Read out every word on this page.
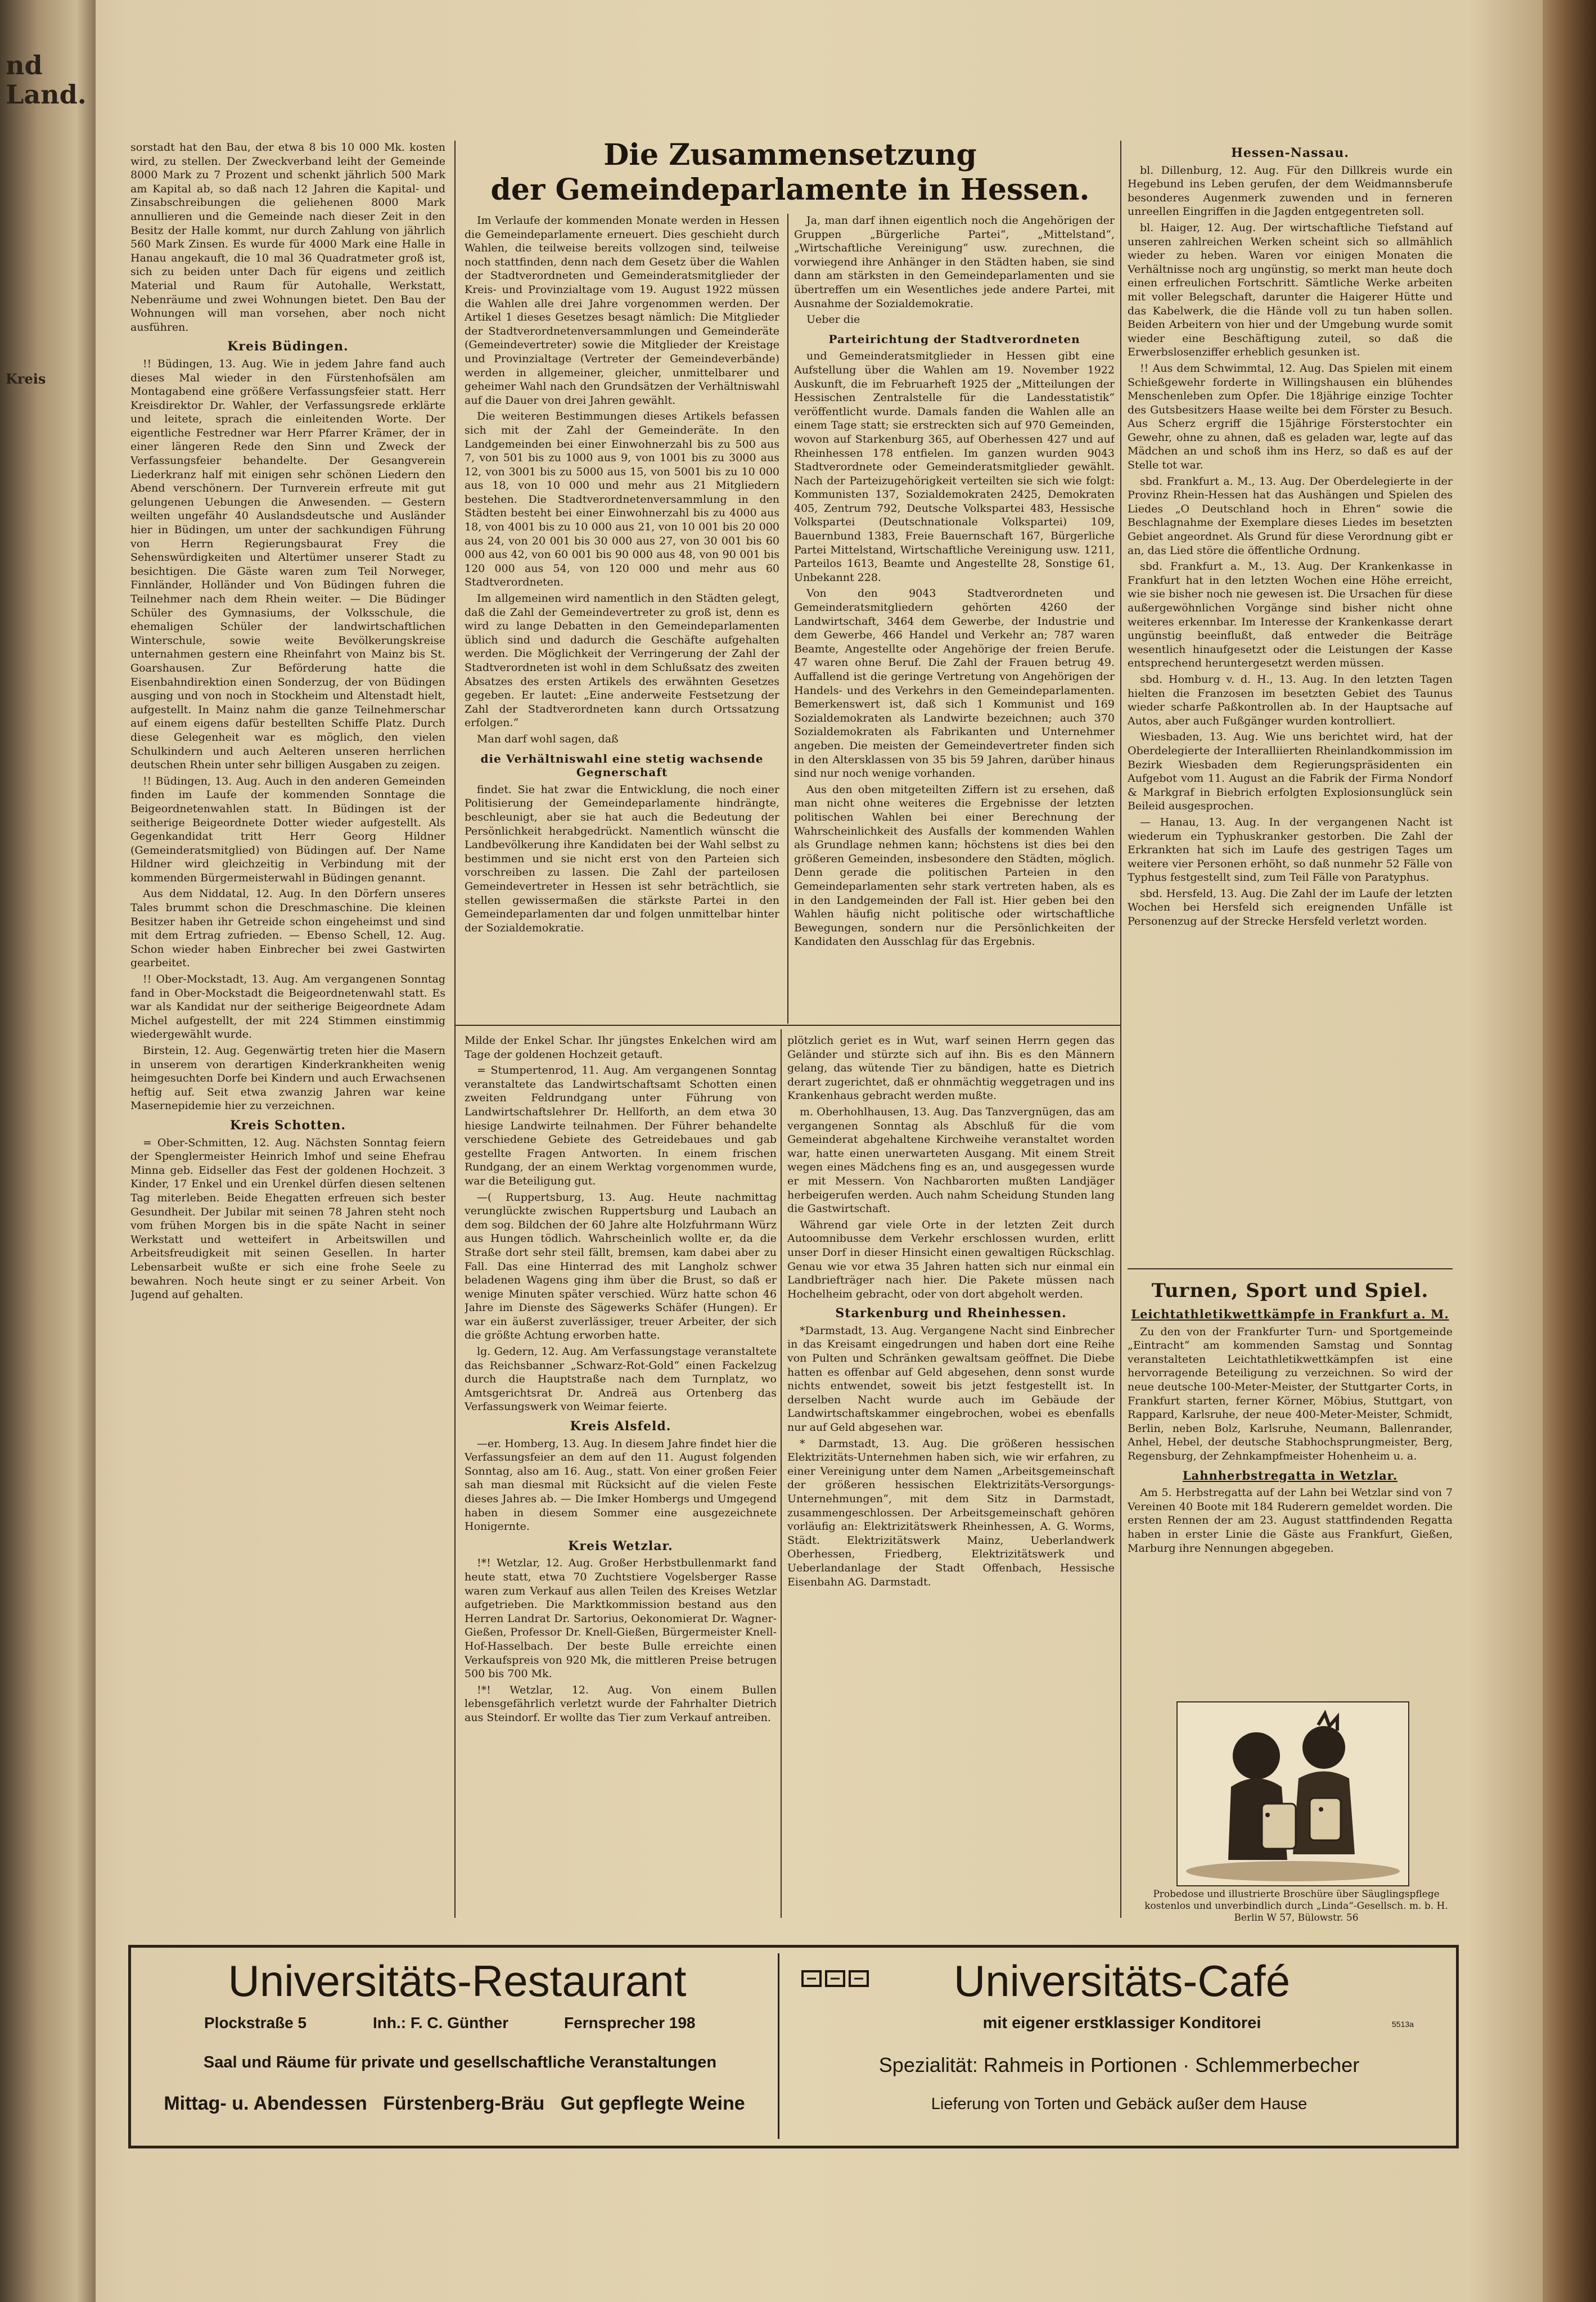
nd Land.
Kreis

sorstadt hat den Bau, der etwa 8 bis 10 000 Mk. kosten wird, zu stellen. Der Zweckverband leiht der Gemeinde 8000 Mark zu 7 Prozent und schenkt jährlich 500 Mark am Kapital ab, so daß nach 12 Jahren die Kapital- und Zinsabschreibungen die geliehenen 8000 Mark annullieren und die Gemeinde nach dieser Zeit in den Besitz der Halle kommt, nur durch Zahlung von jährlich 560 Mark Zinsen. Es wurde für 4000 Mark eine Halle in Hanau angekauft, die 10 mal 36 Quadratmeter groß ist, sich zu beiden unter Dach für eigens und zeitlich Material und Raum für Autohalle, Werkstatt, Nebenräume und zwei Wohnungen bietet. Den Bau der Wohnungen will man vorsehen, aber noch nicht ausführen.

Kreis Büdingen.

!! Büdingen, 13. Aug. Wie in jedem Jahre fand auch dieses Mal wieder in den Fürstenhofsälen am Montagabend eine größere Verfassungsfeier statt. Herr Kreisdirektor Dr. Wahler, der Verfassungsrede erklärte und leitete, sprach die einleitenden Worte. Der eigentliche Festredner war Herr Pfarrer Krämer, der in einer längeren Rede den Sinn und Zweck der Verfassungsfeier behandelte. Der Gesangverein Liederkranz half mit einigen sehr schönen Liedern den Abend verschönern. Der Turnverein erfreute mit gut gelungenen Uebungen die Anwesenden. — Gestern weilten ungefähr 40 Auslandsdeutsche und Ausländer hier in Büdingen, um unter der sachkundigen Führung von Herrn Regierungsbaurat Frey die Sehenswürdigkeiten und Altertümer unserer Stadt zu besichtigen. Die Gäste waren zum Teil Norweger, Finnländer, Holländer und Von Büdingen fuhren die Teilnehmer nach dem Rhein weiter. — Die Büdinger Schüler des Gymnasiums, der Volksschule, die ehemaligen Schüler der landwirtschaftlichen Winterschule, sowie weite Bevölkerungskreise unternahmen gestern eine Rheinfahrt von Mainz bis St. Goarshausen. Zur Beförderung hatte die Eisenbahndirektion einen Sonderzug, der von Büdingen ausging und von noch in Stockheim und Altenstadt hielt, aufgestellt. In Mainz nahm die ganze Teilnehmerschar auf einem eigens dafür bestellten Schiffe Platz. Durch diese Gelegenheit war es möglich, den vielen Schulkindern und auch Aelteren unseren herrlichen deutschen Rhein unter sehr billigen Ausgaben zu zeigen.

!! Büdingen, 13. Aug. Auch in den anderen Gemeinden finden im Laufe der kommenden Sonntage die Beigeordnetenwahlen statt. In Büdingen ist der seitherige Beigeordnete Dotter wieder aufgestellt. Als Gegenkandidat tritt Herr Georg Hildner (Gemeinderatsmitglied) von Büdingen auf. Der Name Hildner wird gleichzeitig in Verbindung mit der kommenden Bürgermeisterwahl in Büdingen genannt.

Aus dem Niddatal, 12. Aug. In den Dörfern unseres Tales brummt schon die Dreschmaschine. Die kleinen Besitzer haben ihr Getreide schon eingeheimst und sind mit dem Ertrag zufrieden. — Ebenso Schell, 12. Aug. Schon wieder haben Einbrecher bei zwei Gastwirten gearbeitet.

!! Ober-Mockstadt, 13. Aug. Am vergangenen Sonntag fand in Ober-Mockstadt die Beigeordnetenwahl statt. Es war als Kandidat nur der seitherige Beigeordnete Adam Michel aufgestellt, der mit 224 Stimmen einstimmig wiedergewählt wurde.

Birstein, 12. Aug. Gegenwärtig treten hier die Masern in unserem von derartigen Kinderkrankheiten wenig heimgesuchten Dorfe bei Kindern und auch Erwachsenen heftig auf. Seit etwa zwanzig Jahren war keine Masernepidemie hier zu verzeichnen.

Kreis Schotten.

= Ober-Schmitten, 12. Aug. Nächsten Sonntag feiern der Spenglermeister Heinrich Imhof und seine Ehefrau Minna geb. Eidseller das Fest der goldenen Hochzeit. 3 Kinder, 17 Enkel und ein Urenkel dürfen diesen seltenen Tag miterleben. Beide Ehegatten erfreuen sich bester Gesundheit. Der Jubilar mit seinen 78 Jahren steht noch vom frühen Morgen bis in die späte Nacht in seiner Werkstatt und wetteifert in Arbeitswillen und Arbeitsfreudigkeit mit seinen Gesellen. In harter Lebensarbeit wußte er sich eine frohe Seele zu bewahren. Noch heute singt er zu seiner Arbeit. Von Jugend auf gehalten.

Die Zusammensetzung
der Gemeindeparlamente in Hessen.

Im Verlaufe der kommenden Monate werden in Hessen die Gemeindeparlamente erneuert. Dies geschieht durch Wahlen, die teilweise bereits vollzogen sind, teilweise noch stattfinden, denn nach dem Gesetz über die Wahlen der Stadtverordneten und Gemeinderatsmitglieder der Kreis- und Provinzialtage vom 19. August 1922 müssen die Wahlen alle drei Jahre vorgenommen werden. Der Artikel 1 dieses Gesetzes besagt nämlich: Die Mitglieder der Stadtverordnetenversammlungen und Gemeinderäte (Gemeindevertreter) sowie die Mitglieder der Kreistage und Provinzialtage (Vertreter der Gemeindeverbände) werden in allgemeiner, gleicher, unmittelbarer und geheimer Wahl nach den Grundsätzen der Verhältniswahl auf die Dauer von drei Jahren gewählt.

Die weiteren Bestimmungen dieses Artikels befassen sich mit der Zahl der Gemeinderäte. In den Landgemeinden bei einer Einwohnerzahl bis zu 500 aus 7, von 501 bis zu 1000 aus 9, von 1001 bis zu 3000 aus 12, von 3001 bis zu 5000 aus 15, von 5001 bis zu 10 000 aus 18, von 10 000 und mehr aus 21 Mitgliedern bestehen. Die Stadtverordnetenversammlung in den Städten besteht bei einer Einwohnerzahl bis zu 4000 aus 18, von 4001 bis zu 10 000 aus 21, von 10 001 bis 20 000 aus 24, von 20 001 bis 30 000 aus 27, von 30 001 bis 60 000 aus 42, von 60 001 bis 90 000 aus 48, von 90 001 bis 120 000 aus 54, von 120 000 und mehr aus 60 Stadtverordneten.

Im allgemeinen wird namentlich in den Städten gelegt, daß die Zahl der Gemeindevertreter zu groß ist, denn es wird zu lange Debatten in den Gemeindeparlamenten üblich sind und dadurch die Geschäfte aufgehalten werden. Die Möglichkeit der Verringerung der Zahl der Stadtverordneten ist wohl in dem Schlußsatz des zweiten Absatzes des ersten Artikels des erwähnten Gesetzes gegeben. Er lautet: „Eine anderweite Festsetzung der Zahl der Stadtverordneten kann durch Ortssatzung erfolgen.“

Man darf wohl sagen, daß

die Verhältniswahl eine stetig wachsende Gegnerschaft

findet. Sie hat zwar die Entwicklung, die noch einer Politisierung der Gemeindeparlamente hindrängte, beschleunigt, aber sie hat auch die Bedeutung der Persönlichkeit herabgedrückt. Namentlich wünscht die Landbevölkerung ihre Kandidaten bei der Wahl selbst zu bestimmen und sie nicht erst von den Parteien sich vorschreiben zu lassen. Die Zahl der parteilosen Gemeindevertreter in Hessen ist sehr beträchtlich, sie stellen gewissermaßen die stärkste Partei in den Gemeindeparlamenten dar und folgen unmittelbar hinter der Sozialdemokratie.

Ja, man darf ihnen eigentlich noch die Angehörigen der Gruppen „Bürgerliche Partei“, „Mittelstand“, „Wirtschaftliche Vereinigung“ usw. zurechnen, die vorwiegend ihre Anhänger in den Städten haben, sie sind dann am stärksten in den Gemeindeparlamenten und sie übertreffen um ein Wesentliches jede andere Partei, mit Ausnahme der Sozialdemokratie.

Ueber die

Parteirichtung der Stadtverordneten

und Gemeinderatsmitglieder in Hessen gibt eine Aufstellung über die Wahlen am 19. November 1922 Auskunft, die im Februarheft 1925 der „Mitteilungen der Hessischen Zentralstelle für die Landesstatistik“ veröffentlicht wurde. Damals fanden die Wahlen alle an einem Tage statt; sie erstreckten sich auf 970 Gemeinden, wovon auf Starkenburg 365, auf Oberhessen 427 und auf Rheinhessen 178 entfielen. Im ganzen wurden 9043 Stadtverordnete oder Gemeinderatsmitglieder gewählt. Nach der Parteizugehörigkeit verteilten sie sich wie folgt: Kommunisten 137, Sozialdemokraten 2425, Demokraten 405, Zentrum 792, Deutsche Volkspartei 483, Hessische Volkspartei (Deutschnationale Volkspartei) 109, Bauernbund 1383, Freie Bauernschaft 167, Bürgerliche Partei Mittelstand, Wirtschaftliche Vereinigung usw. 1211, Parteilos 1613, Beamte und Angestellte 28, Sonstige 61, Unbekannt 228.

Von den 9043 Stadtverordneten und Gemeinderatsmitgliedern gehörten 4260 der Landwirtschaft, 3464 dem Gewerbe, der Industrie und dem Gewerbe, 466 Handel und Verkehr an; 787 waren Beamte, Angestellte oder Angehörige der freien Berufe. 47 waren ohne Beruf. Die Zahl der Frauen betrug 49. Auffallend ist die geringe Vertretung von Angehörigen der Handels- und des Verkehrs in den Gemeindeparlamenten. Bemerkenswert ist, daß sich 1 Kommunist und 169 Sozialdemokraten als Landwirte bezeichnen; auch 370 Sozialdemokraten als Fabrikanten und Unternehmer angeben. Die meisten der Gemeindevertreter finden sich in den Altersklassen von 35 bis 59 Jahren, darüber hinaus sind nur noch wenige vorhanden.

Aus den oben mitgeteilten Ziffern ist zu ersehen, daß man nicht ohne weiteres die Ergebnisse der letzten politischen Wahlen bei einer Berechnung der Wahrscheinlichkeit des Ausfalls der kommenden Wahlen als Grundlage nehmen kann; höchstens ist dies bei den größeren Gemeinden, insbesondere den Städten, möglich. Denn gerade die politischen Parteien in den Gemeindeparlamenten sehr stark vertreten haben, als es in den Landgemeinden der Fall ist. Hier geben bei den Wahlen häufig nicht politische oder wirtschaftliche Bewegungen, sondern nur die Persönlichkeiten der Kandidaten den Ausschlag für das Ergebnis.

Milde der Enkel Schar. Ihr jüngstes Enkelchen wird am Tage der goldenen Hochzeit getauft.

= Stumpertenrod, 11. Aug. Am vergangenen Sonntag veranstaltete das Landwirtschaftsamt Schotten einen zweiten Feldrundgang unter Führung von Landwirtschaftslehrer Dr. Hellforth, an dem etwa 30 hiesige Landwirte teilnahmen. Der Führer behandelte verschiedene Gebiete des Getreidebaues und gab gestellte Fragen Antworten. In einem frischen Rundgang, der an einem Werktag vorgenommen wurde, war die Beteiligung gut.

—( Ruppertsburg, 13. Aug. Heute nachmittag verunglückte zwischen Ruppertsburg und Laubach an dem sog. Bildchen der 60 Jahre alte Holzfuhrmann Würz aus Hungen tödlich. Wahrscheinlich wollte er, da die Straße dort sehr steil fällt, bremsen, kam dabei aber zu Fall. Das eine Hinterrad des mit Langholz schwer beladenen Wagens ging ihm über die Brust, so daß er wenige Minuten später verschied. Würz hatte schon 46 Jahre im Dienste des Sägewerks Schäfer (Hungen). Er war ein äußerst zuverlässiger, treuer Arbeiter, der sich die größte Achtung erworben hatte.

lg. Gedern, 12. Aug. Am Verfassungstage veranstaltete das Reichsbanner „Schwarz-Rot-Gold“ einen Fackelzug durch die Hauptstraße nach dem Turnplatz, wo Amtsgerichtsrat Dr. Andreä aus Ortenberg das Verfassungswerk von Weimar feierte.

Kreis Alsfeld.

—er. Homberg, 13. Aug. In diesem Jahre findet hier die Verfassungsfeier an dem auf den 11. August folgenden Sonntag, also am 16. Aug., statt. Von einer großen Feier sah man diesmal mit Rücksicht auf die vielen Feste dieses Jahres ab. — Die Imker Hombergs und Umgegend haben in diesem Sommer eine ausgezeichnete Honigernte.

Kreis Wetzlar.

!*! Wetzlar, 12. Aug. Großer Herbstbullenmarkt fand heute statt, etwa 70 Zuchtstiere Vogelsberger Rasse waren zum Verkauf aus allen Teilen des Kreises Wetzlar aufgetrieben. Die Marktkommission bestand aus den Herren Landrat Dr. Sartorius, Oekonomierat Dr. Wagner-Gießen, Professor Dr. Knell-Gießen, Bürgermeister Knell-Hof-Hasselbach. Der beste Bulle erreichte einen Verkaufspreis von 920 Mk, die mittleren Preise betrugen 500 bis 700 Mk.

!*! Wetzlar, 12. Aug. Von einem Bullen lebensgefährlich verletzt wurde der Fahrhalter Dietrich aus Steindorf. Er wollte das Tier zum Verkauf antreiben.

plötzlich geriet es in Wut, warf seinen Herrn gegen das Geländer und stürzte sich auf ihn. Bis es den Männern gelang, das wütende Tier zu bändigen, hatte es Dietrich derart zugerichtet, daß er ohnmächtig weggetragen und ins Krankenhaus gebracht werden mußte.

m. Oberhohlhausen, 13. Aug. Das Tanzvergnügen, das am vergangenen Sonntag als Abschluß für die vom Gemeinderat abgehaltene Kirchweihe veranstaltet worden war, hatte einen unerwarteten Ausgang. Mit einem Streit wegen eines Mädchens fing es an, und ausgegessen wurde er mit Messern. Von Nachbarorten mußten Landjäger herbeigerufen werden. Auch nahm Scheidung Stunden lang die Gastwirtschaft.

Während gar viele Orte in der letzten Zeit durch Autoomnibusse dem Verkehr erschlossen wurden, erlitt unser Dorf in dieser Hinsicht einen gewaltigen Rückschlag. Genau wie vor etwa 35 Jahren hatten sich nur einmal ein Landbriefträger nach hier. Die Pakete müssen nach Hochelheim gebracht, oder von dort abgeholt werden.

Starkenburg und Rheinhessen.

*Darmstadt, 13. Aug. Vergangene Nacht sind Einbrecher in das Kreisamt eingedrungen und haben dort eine Reihe von Pulten und Schränken gewaltsam geöffnet. Die Diebe hatten es offenbar auf Geld abgesehen, denn sonst wurde nichts entwendet, soweit bis jetzt festgestellt ist. In derselben Nacht wurde auch im Gebäude der Landwirtschaftskammer eingebrochen, wobei es ebenfalls nur auf Geld abgesehen war.

* Darmstadt, 13. Aug. Die größeren hessischen Elektrizitäts-Unternehmen haben sich, wie wir erfahren, zu einer Vereinigung unter dem Namen „Arbeitsgemeinschaft der größeren hessischen Elektrizitäts-Versorgungs-Unternehmungen“, mit dem Sitz in Darmstadt, zusammengeschlossen. Der Arbeitsgemeinschaft gehören vorläufig an: Elektrizitätswerk Rheinhessen, A. G. Worms, Städt. Elektrizitätswerk Mainz, Ueberlandwerk Oberhessen, Friedberg, Elektrizitätswerk und Ueberlandanlage der Stadt Offenbach, Hessische Eisenbahn AG. Darmstadt.

Hessen-Nassau.

bl. Dillenburg, 12. Aug. Für den Dillkreis wurde ein Hegebund ins Leben gerufen, der dem Weidmannsberufe besonderes Augenmerk zuwenden und in ferneren unreellen Eingriffen in die Jagden entgegentreten soll.

bl. Haiger, 12. Aug. Der wirtschaftliche Tiefstand auf unseren zahlreichen Werken scheint sich so allmählich wieder zu heben. Waren vor einigen Monaten die Verhältnisse noch arg ungünstig, so merkt man heute doch einen erfreulichen Fortschritt. Sämtliche Werke arbeiten mit voller Belegschaft, darunter die Haigerer Hütte und das Kabelwerk, die die Hände voll zu tun haben sollen. Beiden Arbeitern von hier und der Umgebung wurde somit wieder eine Beschäftigung zuteil, so daß die Erwerbslosenziffer erheblich gesunken ist.

!! Aus dem Schwimmtal, 12. Aug. Das Spielen mit einem Schießgewehr forderte in Willingshausen ein blühendes Menschenleben zum Opfer. Die 18jährige einzige Tochter des Gutsbesitzers Haase weilte bei dem Förster zu Besuch. Aus Scherz ergriff die 15jährige Försterstochter ein Gewehr, ohne zu ahnen, daß es geladen war, legte auf das Mädchen an und schoß ihm ins Herz, so daß es auf der Stelle tot war.

sbd. Frankfurt a. M., 13. Aug. Der Oberdelegierte in der Provinz Rhein-Hessen hat das Aushängen und Spielen des Liedes „O Deutschland hoch in Ehren“ sowie die Beschlagnahme der Exemplare dieses Liedes im besetzten Gebiet angeordnet. Als Grund für diese Verordnung gibt er an, das Lied störe die öffentliche Ordnung.

sbd. Frankfurt a. M., 13. Aug. Der Krankenkasse in Frankfurt hat in den letzten Wochen eine Höhe erreicht, wie sie bisher noch nie gewesen ist. Die Ursachen für diese außergewöhnlichen Vorgänge sind bisher nicht ohne weiteres erkennbar. Im Interesse der Krankenkasse derart ungünstig beeinflußt, daß entweder die Beiträge wesentlich hinaufgesetzt oder die Leistungen der Kasse entsprechend heruntergesetzt werden müssen.

sbd. Homburg v. d. H., 13. Aug. In den letzten Tagen hielten die Franzosen im besetzten Gebiet des Taunus wieder scharfe Paßkontrollen ab. In der Hauptsache auf Autos, aber auch Fußgänger wurden kontrolliert.

Wiesbaden, 13. Aug. Wie uns berichtet wird, hat der Oberdelegierte der Interalliierten Rheinlandkommission im Bezirk Wiesbaden dem Regierungspräsidenten ein Aufgebot vom 11. August an die Fabrik der Firma Nondorf & Markgraf in Biebrich erfolgten Explosionsunglück sein Beileid ausgesprochen.

— Hanau, 13. Aug. In der vergangenen Nacht ist wiederum ein Typhuskranker gestorben. Die Zahl der Erkrankten hat sich im Laufe des gestrigen Tages um weitere vier Personen erhöht, so daß nunmehr 52 Fälle von Typhus festgestellt sind, zum Teil Fälle von Paratyphus.

sbd. Hersfeld, 13. Aug. Die Zahl der im Laufe der letzten Wochen bei Hersfeld sich ereignenden Unfälle ist Personenzug auf der Strecke Hersfeld verletzt worden.

Turnen, Sport und Spiel.
Leichtathletikwettkämpfe in Frankfurt a. M.

Zu den von der Frankfurter Turn- und Sportgemeinde „Eintracht“ am kommenden Samstag und Sonntag veranstalteten Leichtathletikwettkämpfen ist eine hervorragende Beteiligung zu verzeichnen. So wird der neue deutsche 100-Meter-Meister, der Stuttgarter Corts, in Frankfurt starten, ferner Körner, Möbius, Stuttgart, von Rappard, Karlsruhe, der neue 400-Meter-Meister, Schmidt, Berlin, neben Bolz, Karlsruhe, Neumann, Ballenrander, Anhel, Hebel, der deutsche Stabhochsprungmeister, Berg, Regensburg, der Zehnkampfmeister Hohenheim u. a.

Lahnherbstregatta in Wetzlar.

Am 5. Herbstregatta auf der Lahn bei Wetzlar sind von 7 Vereinen 40 Boote mit 184 Ruderern gemeldet worden. Die ersten Rennen der am 23. August stattfindenden Regatta haben in erster Linie die Gäste aus Frankfurt, Gießen, Marburg ihre Nennungen abgegeben.

Probedose und illustrierte Broschüre über Säuglingspflege kostenlos und unverbindlich durch „Linda“-Gesellsch. m. b. H. Berlin W 57, Bülowstr. 56
Universitäts-Restaurant
Plockstraße 5	Inh.: F. C. Günther	Fernsprecher 198
Saal und Räume für private und gesellschaftliche Veranstaltungen
Mittag- u. Abendessen   Fürstenberg-Bräu   Gut gepflegte Weine
Universitäts-Café
mit eigener erstklassiger Konditorei	5513a
Spezialität: Rahmeis in Portionen · Schlemmerbecher
Lieferung von Torten und Gebäck außer dem Hause
